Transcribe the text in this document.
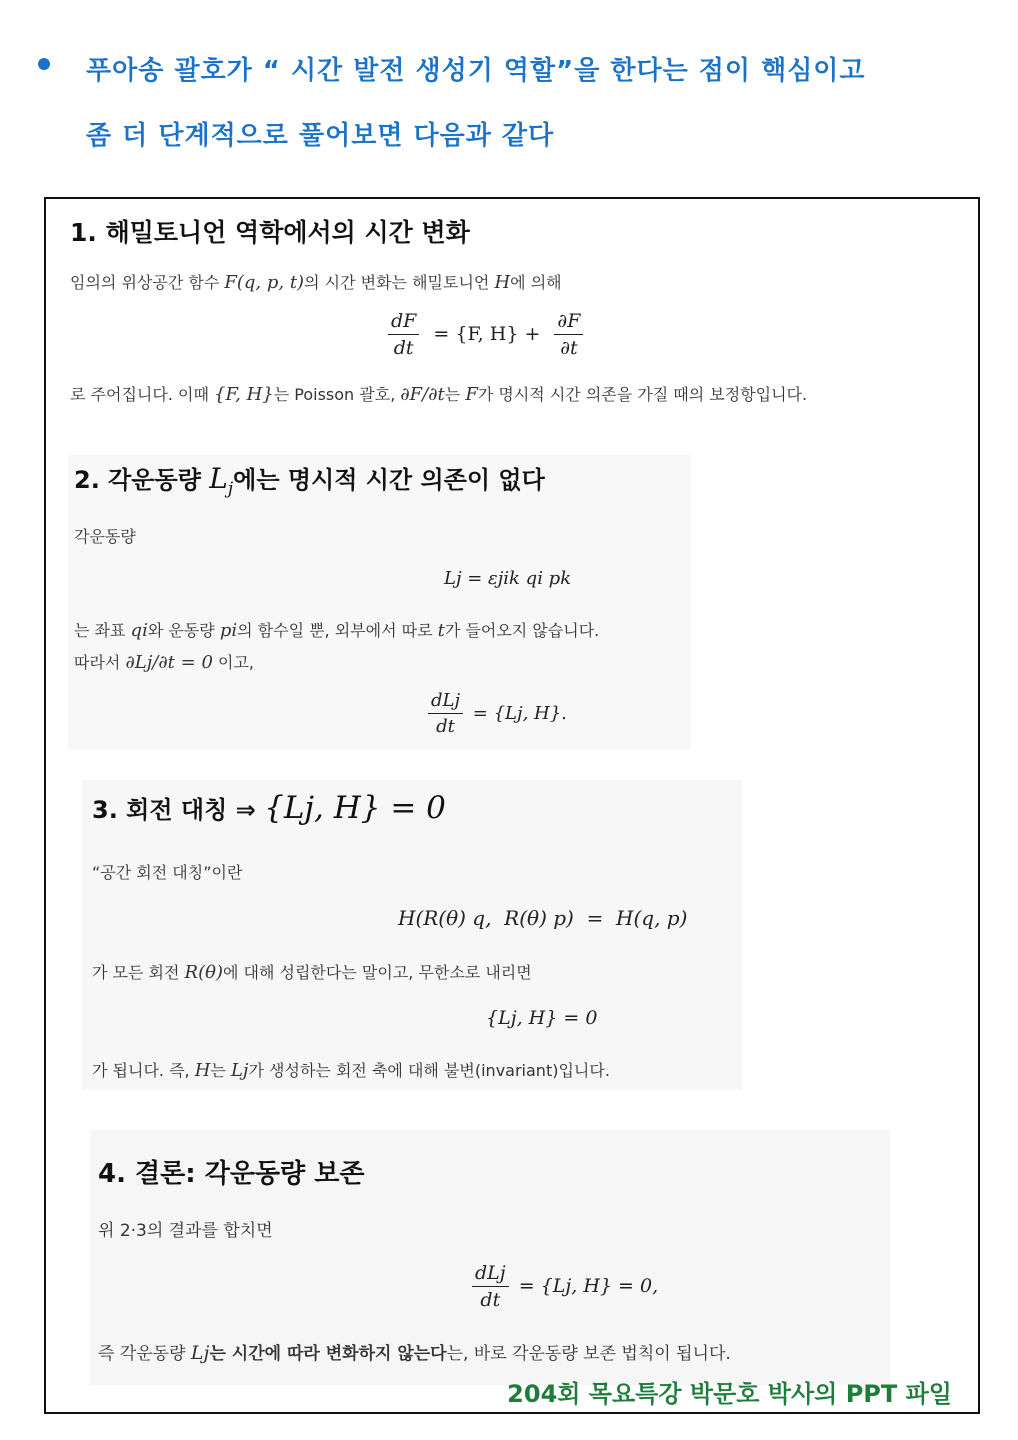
푸아송 괄호가 “ 시간 발전 생성기 역할”을 한다는 점이 핵심이고
좀 더 단계적으로 풀어보면 다음과 같다
1. 해밀토니언 역학에서의 시간 변화
임의의 위상공간 함수 F(q, p, t)의 시간 변화는 해밀토니언 H에 의해
$\frac{dF}{dt} = \{F$, $H\} + \frac{\partial F}{\partial t}$
로 주어집니다. 이때 {F, H}는 Poisson 괄호, ∂F/∂t는 F가 명시적 시간 의존을 가질 때의 보정항입니다.
2. 각운동량 $L_j$에는 명시적 시간 의존이 없다
각운동량
Lj = εjik qi pk
는 좌표 qi와 운동량 pi의 함수일 뿐, 외부에서 따로 t가 들어오지 않습니다.
따라서 ∂Lj/∂t = 0 이고,
$\frac{\text{dLj}}{dt} = \{Lj$, H}.
3. 회전 대칭 ⇒ {Lj, H} = 0
“공간 회전 대칭”이란
H(R(θ) q,  R(θ) p)  =  H(q, p)
가 모든 회전 R(θ)에 대해 성립한다는 말이고, 무한소로 내리면
{Lj, H} = 0
가 됩니다. 즉, H는 Lj가 생성하는 회전 축에 대해 불변(invariant)입니다.
4. 결론: 각운동량 보존
위 2·3의 결과를 합치면
$\frac{\text{dLj}}{dt} = \{Lj$, H} = 0,
즉 각운동량 Lj는 시간에 따라 변화하지 않는다는, 바로 각운동량 보존 법칙이 됩니다.
204회 목요특강 박문호 박사의 PPT 파일
